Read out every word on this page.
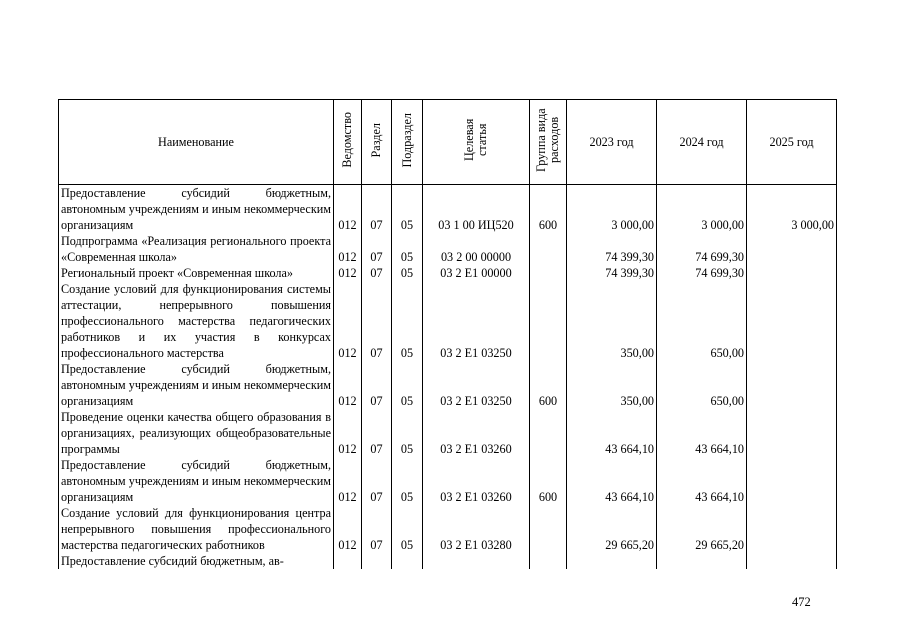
Наименование	Ведомство	Раздел	Подраздел	Целевая статья	Группа вида расходов	2023 год	2024 год	2025 год
Предоставление субсидий бюджетным, автономным учреждениям и иным некоммерческим организациям	012	07	05	03 1 00 ИЦ520	600	3 000,00	3 000,00	3 000,00
Подпрограмма «Реализация регионального проекта «Современная школа»	012	07	05	03 2 00 00000		74 399,30	74 699,30	
Региональный проект «Современная школа»	012	07	05	03 2 E1 00000		74 399,30	74 699,30	
Создание условий для функционирования системы аттестации, непрерывного повышения профессионального мастерства педагогических работников и их участия в конкурсах профессионального мастерства	012	07	05	03 2 E1 03250		350,00	650,00	
Предоставление субсидий бюджетным, автономным учреждениям и иным некоммерческим организациям	012	07	05	03 2 E1 03250	600	350,00	650,00	
Проведение оценки качества общего образования в организациях, реализующих общеобразовательные программы	012	07	05	03 2 E1 03260		43 664,10	43 664,10	
Предоставление субсидий бюджетным, автономным учреждениям и иным некоммерческим организациям	012	07	05	03 2 E1 03260	600	43 664,10	43 664,10	
Создание условий для функционирования центра непрерывного повышения профессионального мастерства педагогических работников	012	07	05	03 2 E1 03280		29 665,20	29 665,20	
Предоставление субсидий бюджетным, ав-								
472
